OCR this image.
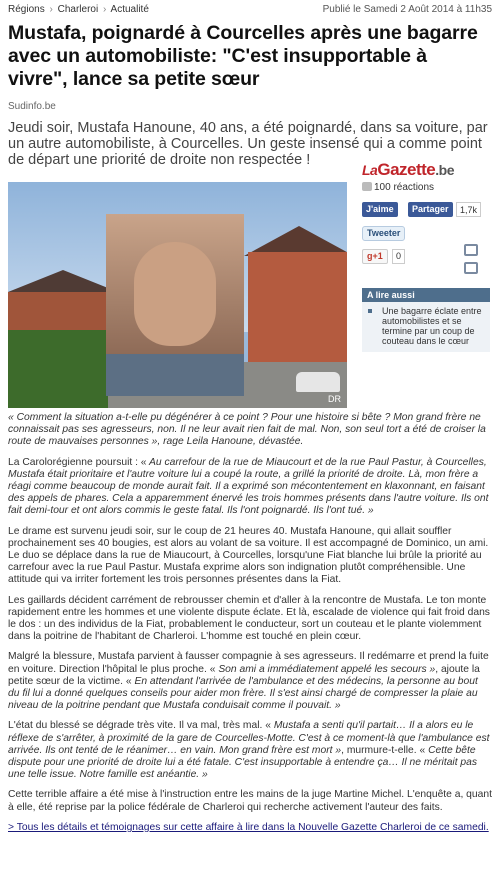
Régions › Charleroi › Actualité	Publié le Samedi 2 Août 2014 à 11h35
Mustafa, poignardé à Courcelles après une bagarre avec un automobiliste: "C'est insupportable à vivre", lance sa petite sœur
Sudinfo.be
Jeudi soir, Mustafa Hanoune, 40 ans, a été poignardé, dans sa voiture, par un autre automobiliste, à Courcelles. Un geste insensé qui a comme point de départ une priorité de droite non respectée !
DR
LaGazette.be
100 réactions
J'aime	Partager	1,7k
Tweeter
g+1	0
A lire aussi
Une bagarre éclate entre automobilistes et se termine par un coup de couteau dans le cœur

« Comment la situation a-t-elle pu dégénérer à ce point ? Pour une histoire si bête ? Mon grand frère ne connaissait pas ses agresseurs, non. Il ne leur avait rien fait de mal. Non, son seul tort a été de croiser la route de mauvaises personnes », rage Leila Hanoune, dévastée.

La Carolorégienne poursuit : « Au carrefour de la rue de Miaucourt et de la rue Paul Pastur, à Courcelles, Mustafa était prioritaire et l'autre voiture lui a coupé la route, a grillé la priorité de droite. Là, mon frère a réagi comme beaucoup de monde aurait fait. Il a exprimé son mécontentement en klaxonnant, en faisant des appels de phares. Cela a apparemment énervé les trois hommes présents dans l'autre voiture. Ils ont fait demi-tour et ont alors commis le geste fatal. Ils l'ont poignardé. Ils l'ont tué. »

Le drame est survenu jeudi soir, sur le coup de 21 heures 40. Mustafa Hanoune, qui allait souffler prochainement ses 40 bougies, est alors au volant de sa voiture. Il est accompagné de Dominico, un ami. Le duo se déplace dans la rue de Miaucourt, à Courcelles, lorsqu'une Fiat blanche lui brûle la priorité au carrefour avec la rue Paul Pastur. Mustafa exprime alors son indignation plutôt compréhensible. Une attitude qui va irriter fortement les trois personnes présentes dans la Fiat.

Les gaillards décident carrément de rebrousser chemin et d'aller à la rencontre de Mustafa. Le ton monte rapidement entre les hommes et une violente dispute éclate. Et là, escalade de violence qui fait froid dans le dos : un des individus de la Fiat, probablement le conducteur, sort un couteau et le plante violemment dans la poitrine de l'habitant de Charleroi. L'homme est touché en plein cœur.

Malgré la blessure, Mustafa parvient à fausser compagnie à ses agresseurs. Il redémarre et prend la fuite en voiture. Direction l'hôpital le plus proche. « Son ami a immédiatement appelé les secours », ajoute la petite sœur de la victime. « En attendant l'arrivée de l'ambulance et des médecins, la personne au bout du fil lui a donné quelques conseils pour aider mon frère. Il s'est ainsi chargé de compresser la plaie au niveau de la poitrine pendant que Mustafa conduisait comme il pouvait. »

L'état du blessé se dégrade très vite. Il va mal, très mal. « Mustafa a senti qu'il partait… Il a alors eu le réflexe de s'arrêter, à proximité de la gare de Courcelles-Motte. C'est à ce moment-là que l'ambulance est arrivée. Ils ont tenté de le réanimer… en vain. Mon grand frère est mort », murmure-t-elle. « Cette bête dispute pour une priorité de droite lui a été fatale. C'est insupportable à entendre ça… Il ne méritait pas une telle issue. Notre famille est anéantie. »

Cette terrible affaire a été mise à l'instruction entre les mains de la juge Martine Michel. L'enquête a, quant à elle, été reprise par la police fédérale de Charleroi qui recherche activement l'auteur des faits.

> Tous les détails et témoignages sur cette affaire à lire dans la Nouvelle Gazette Charleroi de ce samedi.
